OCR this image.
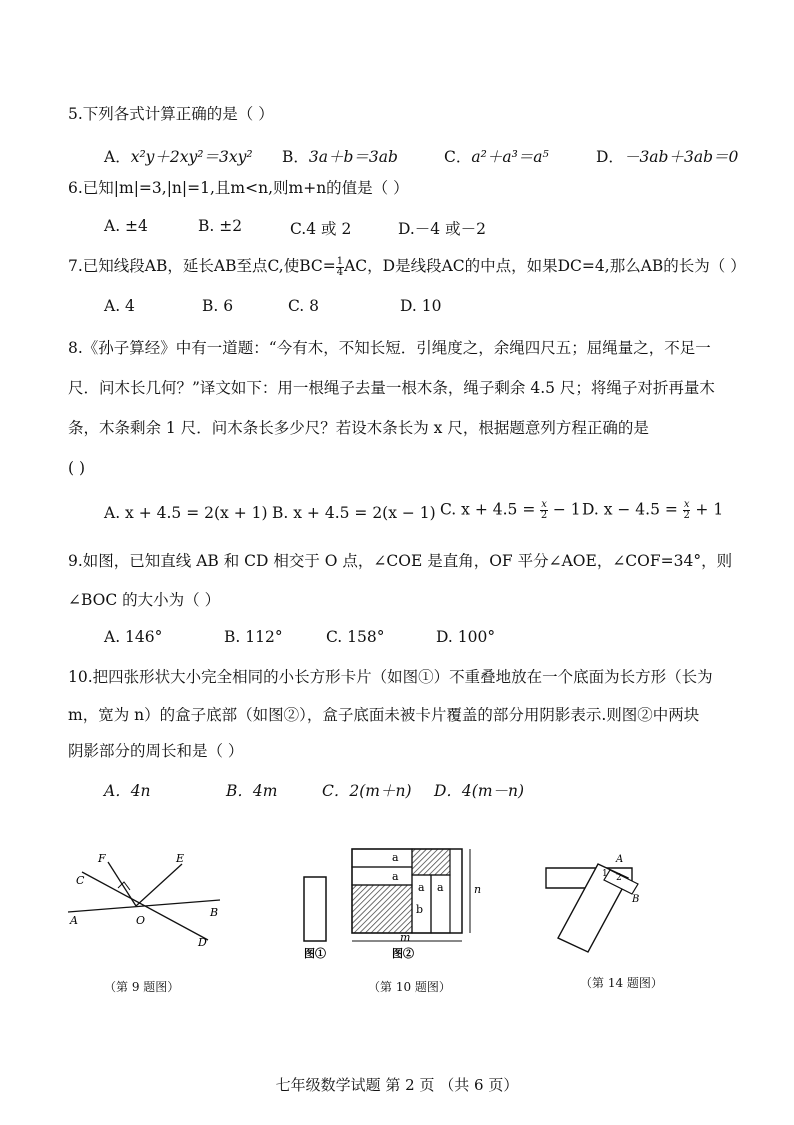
5.下列各式计算正确的是（ ）
A．x²y＋2xy²＝3xy² B．3a＋b＝3ab	C．a²＋a³＝a⁵	D．－3ab＋3ab＝0
6.已知|m|=3,|n|=1,且m<n,则m+n的值是（ ）
A. ±4	B. ±2	C.4 或 2	D.－4 或－2
7.已知线段AB，延长AB至点C,使$BC= \frac{1}{4}$ AC，D是线段AC的中点，如果DC=4,那么AB的长为（ ）
A. 4	B. 6	C. 8	D. 10
8.《孙子算经》中有一道题：“今有木，不知长短．引绳度之，余绳四尺五；屈绳量之，不足一尺．问木长几何？”译文如下：用一根绳子去量一根木条，绳子剩余 4.5 尺；将绳子对折再量木条，木条剩余 1 尺．问木条长多少尺？若设木条长为 x 尺，根据题意列方程正确的是
( )
A. x + 4.5 = 2(x + 1) B. x + 4.5 = 2(x − 1) C. $x + 4.5 = \frac{x}{2} - 1$ D. $x - 4.5 = \frac{x}{2} + 1$
9.如图，已知直线 AB 和 CD 相交于 O 点，∠COE 是直角，OF 平分∠AOE，∠COF=34°，则
∠BOC 的大小为（ ）
A. 146°	B. 112°	C. 158°	D. 100°
10.把四张形状大小完全相同的小长方形卡片（如图①）不重叠地放在一个底面为长方形（长为
m，宽为 n）的盒子底部（如图②），盒子底面未被卡片覆盖的部分用阴影表示.则图②中两块
阴影部分的周长和是（ ）
A．4n	B．4m	C．2(m＋n) D．4(m－n)
F
C
A	O
E
B
D
（第 9 题图）
a
a
a a
b
n
m
图①	图②
（第 10 题图）
A
1 2
B
（第 14 题图）
七年级数学试题 第 2 页 （共 6 页）
